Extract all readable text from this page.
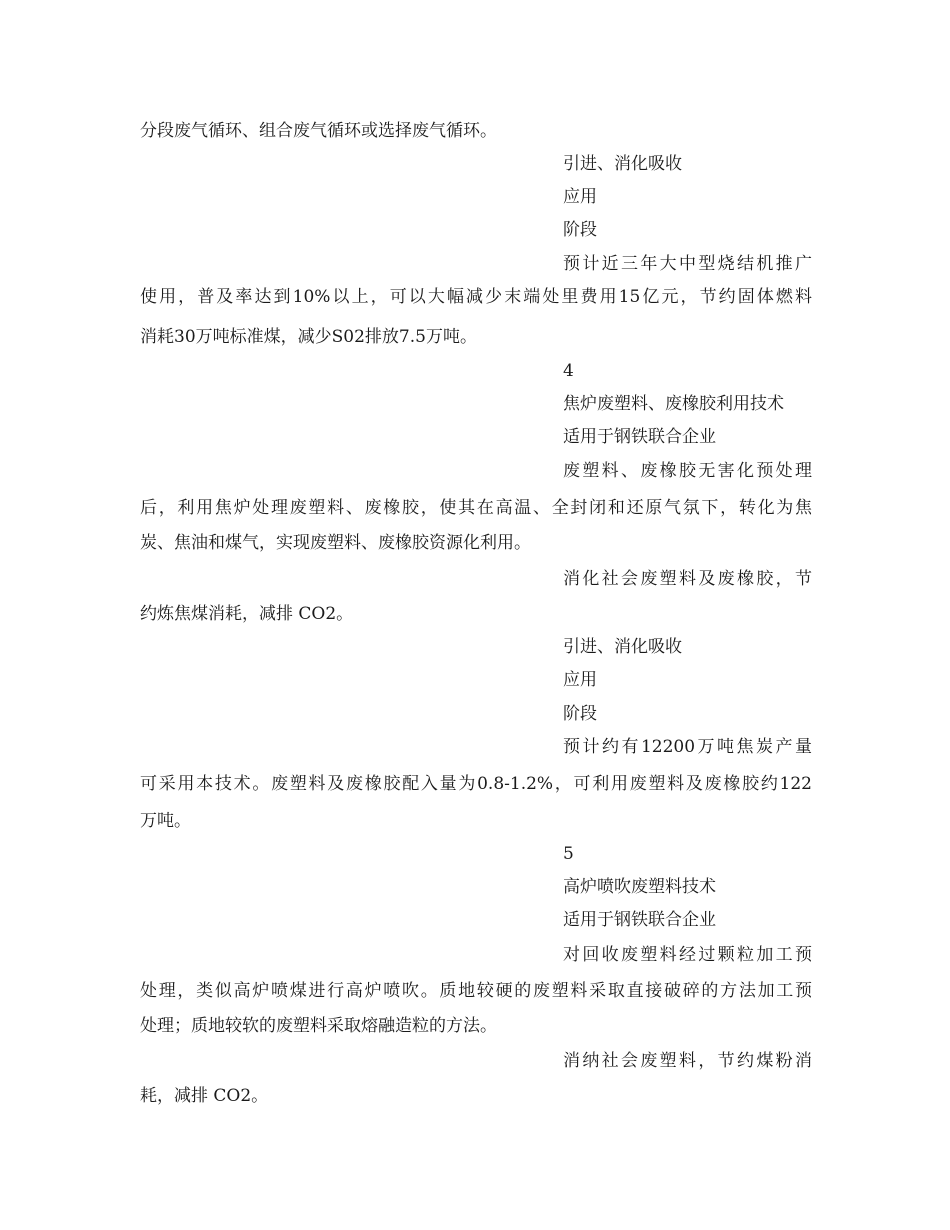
分段废气循环、组合废气循环或选择废气循环。
引进、消化吸收
应用
阶段
预计近三年大中型烧结机推广
使用，普及率达到10%以上，可以大幅减少末端处里费用15亿元，节约固体燃料
消耗30万吨标准煤，减少S02排放7.5万吨。
4
焦炉废塑料、废橡胶利用技术
适用于钢铁联合企业
废塑料、废橡胶无害化预处理
后，利用焦炉处理废塑料、废橡胶，使其在高温、全封闭和还原气氛下，转化为焦
炭、焦油和煤气，实现废塑料、废橡胶资源化利用。
消化社会废塑料及废橡胶，节
约炼焦煤消耗，减排 CO2。
引进、消化吸收
应用
阶段
预计约有12200万吨焦炭产量
可采用本技术。废塑料及废橡胶配入量为0.8-1.2%，可利用废塑料及废橡胶约122
万吨。
5
高炉喷吹废塑料技术
适用于钢铁联合企业
对回收废塑料经过颗粒加工预
处理，类似高炉喷煤进行高炉喷吹。质地较硬的废塑料采取直接破碎的方法加工预
处理；质地较软的废塑料采取熔融造粒的方法。
消纳社会废塑料，节约煤粉消
耗，减排 CO2。
